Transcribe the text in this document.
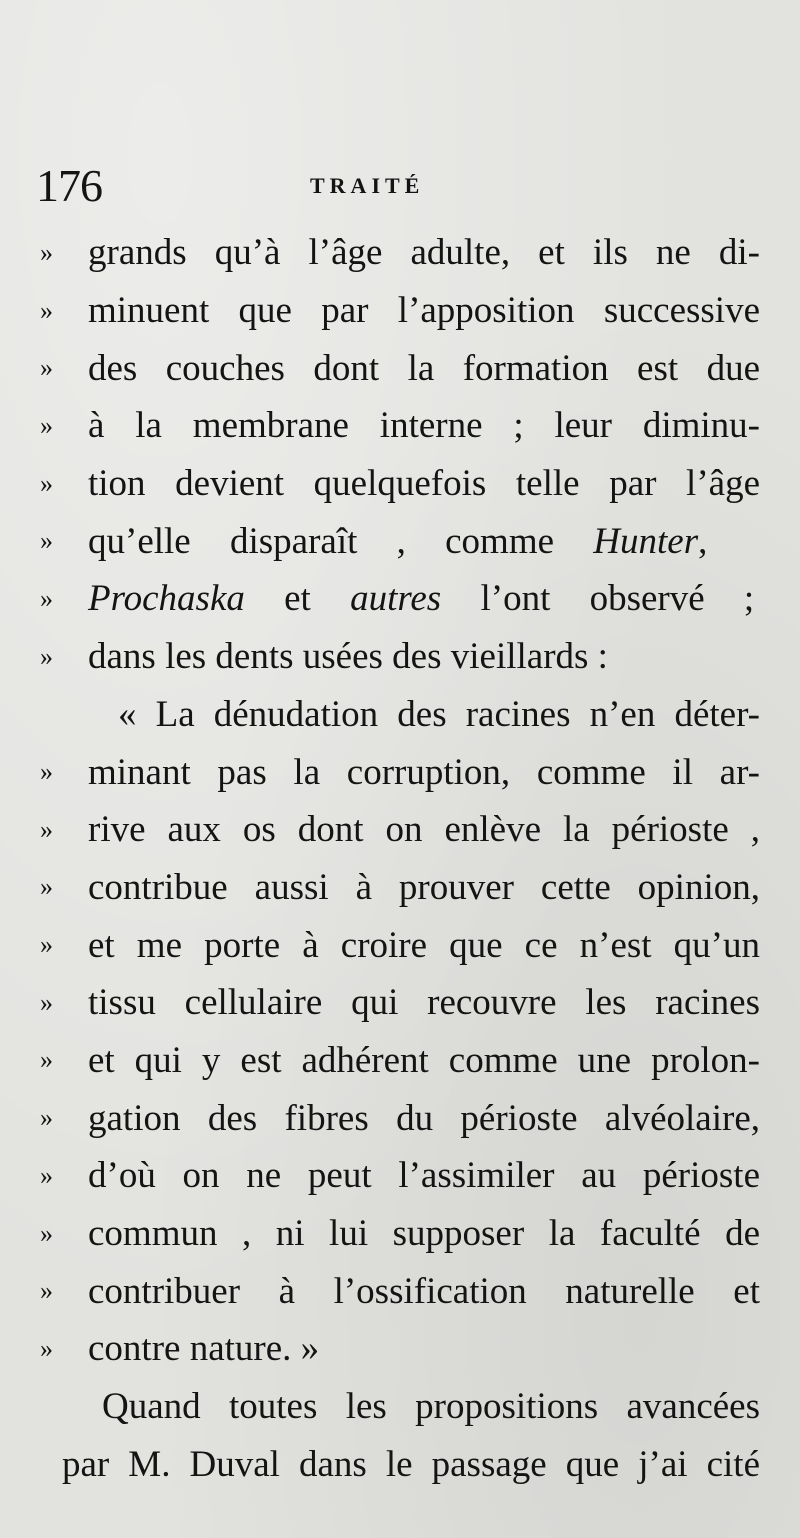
176	TRAITÉ
» grands qu’à l’âge adulte, et ils ne di-
» minuent que par l’apposition successive
» des couches dont la formation est due
» à la membrane interne ; leur diminu-
» tion devient quelquefois telle par l’âge
» qu’elle disparaît , comme Hunter,
» Prochaska et autres l’ont observé ;
» dans les dents usées des vieillards :
« La dénudation des racines n’en déter-
» minant pas la corruption, comme il ar-
» rive aux os dont on enlève la périoste ,
» contribue aussi à prouver cette opinion,
» et me porte à croire que ce n’est qu’un
» tissu cellulaire qui recouvre les racines
» et qui y est adhérent comme une prolon-
» gation des fibres du périoste alvéolaire,
» d’où on ne peut l’assimiler au périoste
» commun , ni lui supposer la faculté de
» contribuer à l’ossification naturelle et
» contre nature. »
Quand toutes les propositions avancées
par M. Duval dans le passage que j’ai cité
